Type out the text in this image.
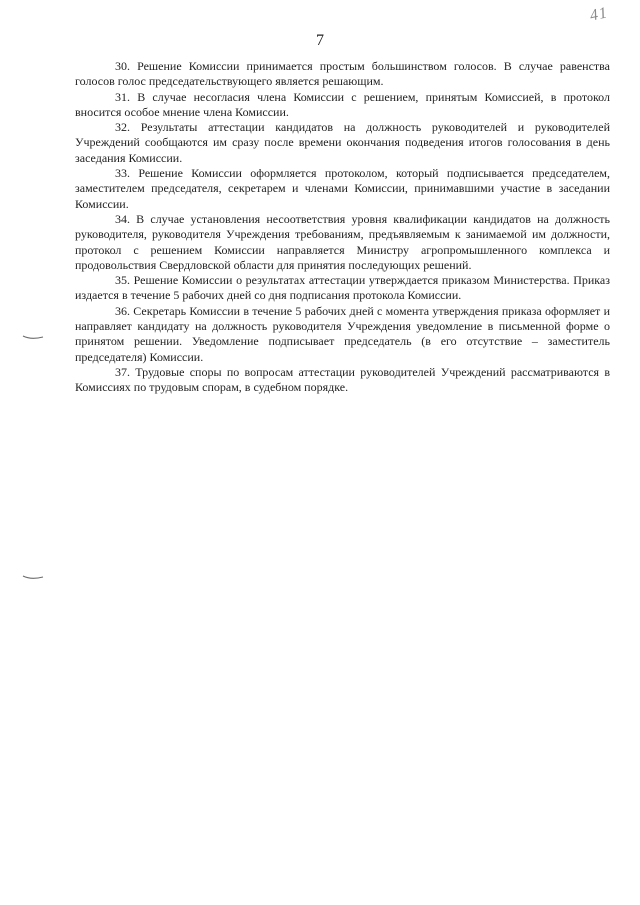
41
7

30. Решение Комиссии принимается простым большинством голосов. В случае равенства голосов голос председательствующего является решающим.

31. В случае несогласия члена Комиссии с решением, принятым Комиссией, в протокол вносится особое мнение члена Комиссии.

32. Результаты аттестации кандидатов на должность руководителей и руководителей Учреждений сообщаются им сразу после времени окончания подведения итогов голосования в день заседания Комиссии.

33. Решение Комиссии оформляется протоколом, который подписывается председателем, заместителем председателя, секретарем и членами Комиссии, принимавшими участие в заседании Комиссии.

34. В случае установления несоответствия уровня квалификации кандидатов на должность руководителя, руководителя Учреждения требованиям, предъявляемым к занимаемой им должности, протокол с решением Комиссии направляется Министру агропромышленного комплекса и продовольствия Свердловской области для принятия последующих решений.

35. Решение Комиссии о результатах аттестации утверждается приказом Министерства. Приказ издается в течение 5 рабочих дней со дня подписания протокола Комиссии.

36. Секретарь Комиссии в течение 5 рабочих дней с момента утверждения приказа оформляет и направляет кандидату на должность руководителя Учреждения уведомление в письменной форме о принятом решении. Уведомление подписывает председатель (в его отсутствие – заместитель председателя) Комиссии.

37. Трудовые споры по вопросам аттестации руководителей Учреждений рассматриваются в Комиссиях по трудовым спорам, в судебном порядке.
